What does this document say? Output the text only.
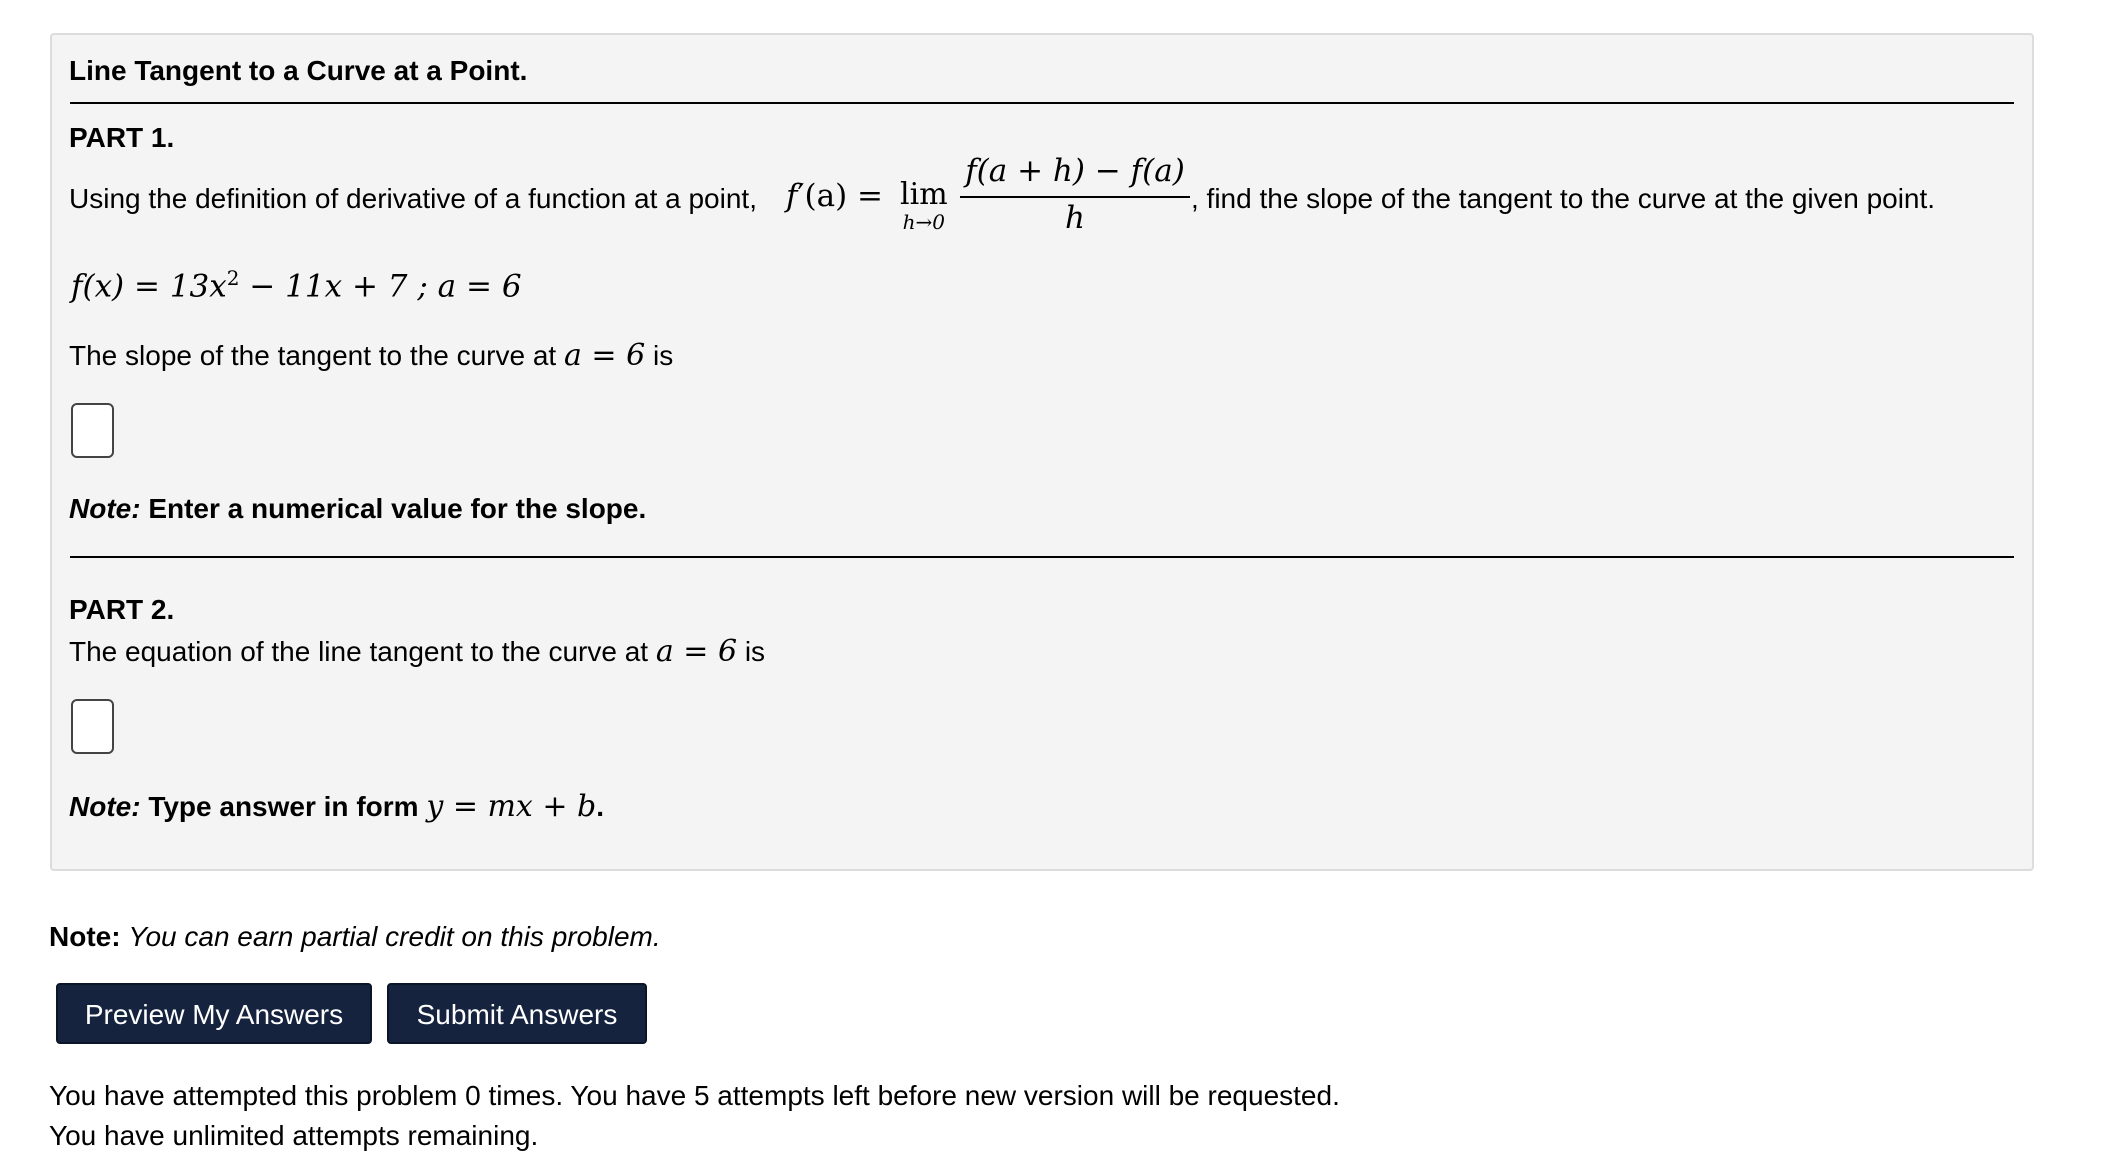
Line Tangent to a Curve at a Point.
PART 1.
Using the definition of derivative of a function at a point, f′(a) = lim
h→0
f(a + h) − f(a)
h
, find the slope of the tangent to the curve at the given point.
$f(x) = 13x^2 - 11x + 7$ ; a = 6
The slope of the tangent to the curve at a = 6 is
Note: Enter a numerical value for the slope.
PART 2.
The equation of the line tangent to the curve at a = 6 is
Note: Type answer in form y = mx + b.
Note: You can earn partial credit on this problem.
Preview My Answers	Submit Answers
You have attempted this problem 0 times. You have 5 attempts left before new version will be requested.
You have unlimited attempts remaining.
